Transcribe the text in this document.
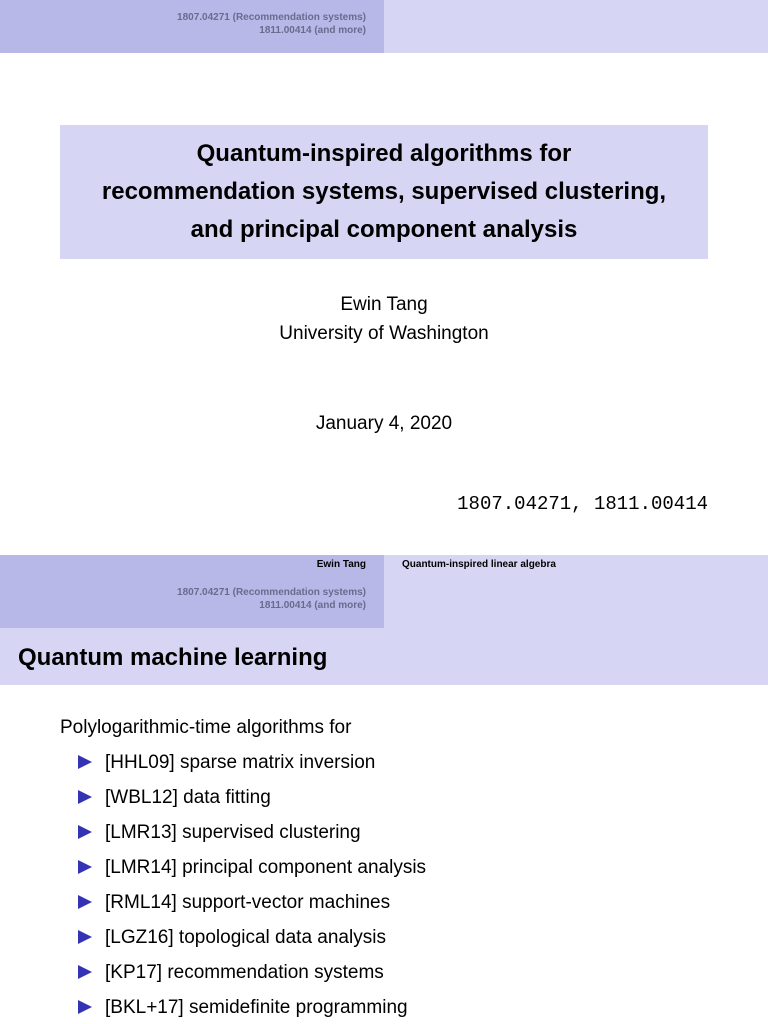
1807.04271 (Recommendation systems)
1811.00414 (and more)
Quantum-inspired algorithms for
recommendation systems, supervised clustering,
and principal component analysis
Ewin Tang
University of Washington
January 4, 2020
1807.04271, 1811.00414
Ewin Tang
1807.04271 (Recommendation systems)
1811.00414 (and more)
Quantum-inspired linear algebra
Quantum machine learning
Polylogarithmic-time algorithms for
[HHL09] sparse matrix inversion
[WBL12] data fitting
[LMR13] supervised clustering
[LMR14] principal component analysis
[RML14] support-vector machines
[LGZ16] topological data analysis
[KP17] recommendation systems
[BKL+17] semidefinite programming
